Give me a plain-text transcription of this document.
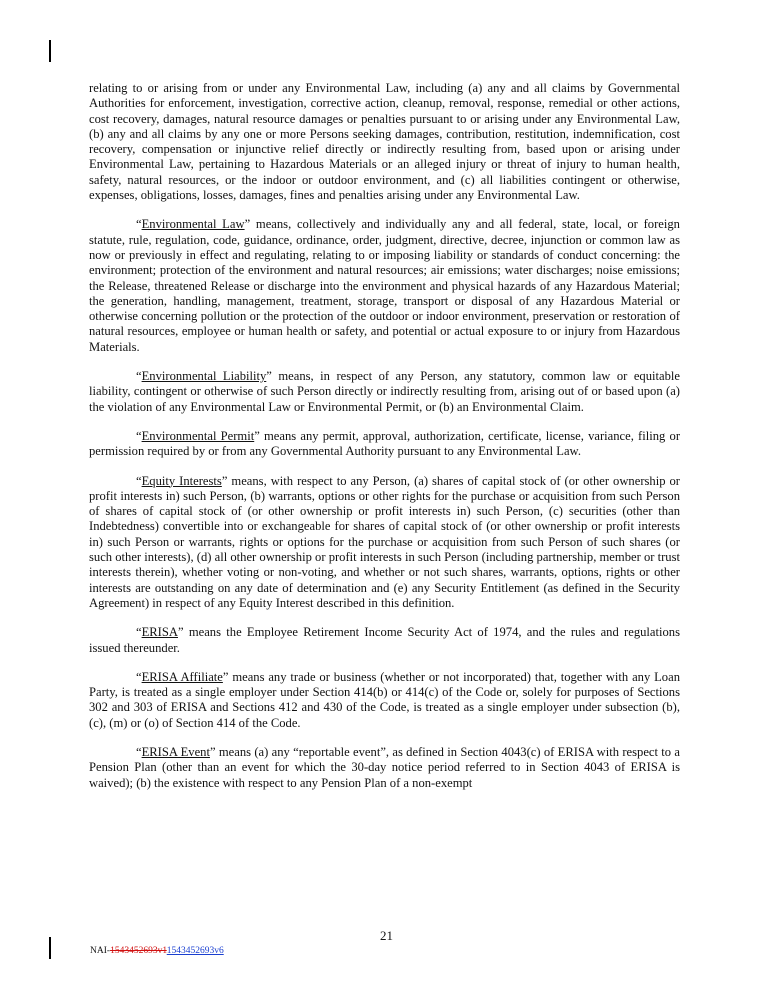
relating to or arising from or under any Environmental Law, including (a) any and all claims by Governmental Authorities for enforcement, investigation, corrective action, cleanup, removal, response, remedial or other actions, cost recovery, damages, natural resource damages or penalties pursuant to or arising under any Environmental Law, (b) any and all claims by any one or more Persons seeking damages, contribution, restitution, indemnification, cost recovery, compensation or injunctive relief directly or indirectly resulting from, based upon or arising under Environmental Law, pertaining to Hazardous Materials or an alleged injury or threat of injury to human health, safety, natural resources, or the indoor or outdoor environment, and (c) all liabilities contingent or otherwise, expenses, obligations, losses, damages, fines and penalties arising under any Environmental Law.

“Environmental Law” means, collectively and individually any and all federal, state, local, or foreign statute, rule, regulation, code, guidance, ordinance, order, judgment, directive, decree, injunction or common law as now or previously in effect and regulating, relating to or imposing liability or standards of conduct concerning: the environment; protection of the environment and natural resources; air emissions; water discharges; noise emissions; the Release, threatened Release or discharge into the environment and physical hazards of any Hazardous Material; the generation, handling, management, treatment, storage, transport or disposal of any Hazardous Material or otherwise concerning pollution or the protection of the outdoor or indoor environment, preservation or restoration of natural resources, employee or human health or safety, and potential or actual exposure to or injury from Hazardous Materials.

“Environmental Liability” means, in respect of any Person, any statutory, common law or equitable liability, contingent or otherwise of such Person directly or indirectly resulting from, arising out of or based upon (a) the violation of any Environmental Law or Environmental Permit, or (b) an Environmental Claim.

“Environmental Permit” means any permit, approval, authorization, certificate, license, variance, filing or permission required by or from any Governmental Authority pursuant to any Environmental Law.

“Equity Interests” means, with respect to any Person, (a) shares of capital stock of (or other ownership or profit interests in) such Person, (b) warrants, options or other rights for the purchase or acquisition from such Person of shares of capital stock of (or other ownership or profit interests in) such Person, (c) securities (other than Indebtedness) convertible into or exchangeable for shares of capital stock of (or other ownership or profit interests in) such Person or warrants, rights or options for the purchase or acquisition from such Person of such shares (or such other interests), (d) all other ownership or profit interests in such Person (including partnership, member or trust interests therein), whether voting or non-voting, and whether or not such shares, warrants, options, rights or other interests are outstanding on any date of determination and (e) any Security Entitlement (as defined in the Security Agreement) in respect of any Equity Interest described in this definition.

“ERISA” means the Employee Retirement Income Security Act of 1974, and the rules and regulations issued thereunder.

“ERISA Affiliate” means any trade or business (whether or not incorporated) that, together with any Loan Party, is treated as a single employer under Section 414(b) or 414(c) of the Code or, solely for purposes of Sections 302 and 303 of ERISA and Sections 412 and 430 of the Code, is treated as a single employer under subsection (b), (c), (m) or (o) of Section 414 of the Code.

“ERISA Event” means (a) any “reportable event”, as defined in Section 4043(c) of ERISA with respect to a Pension Plan (other than an event for which the 30-day notice period referred to in Section 4043 of ERISA is waived); (b) the existence with respect to any Pension Plan of a non-exempt

21
NAI-1543452693v11543452693v6
